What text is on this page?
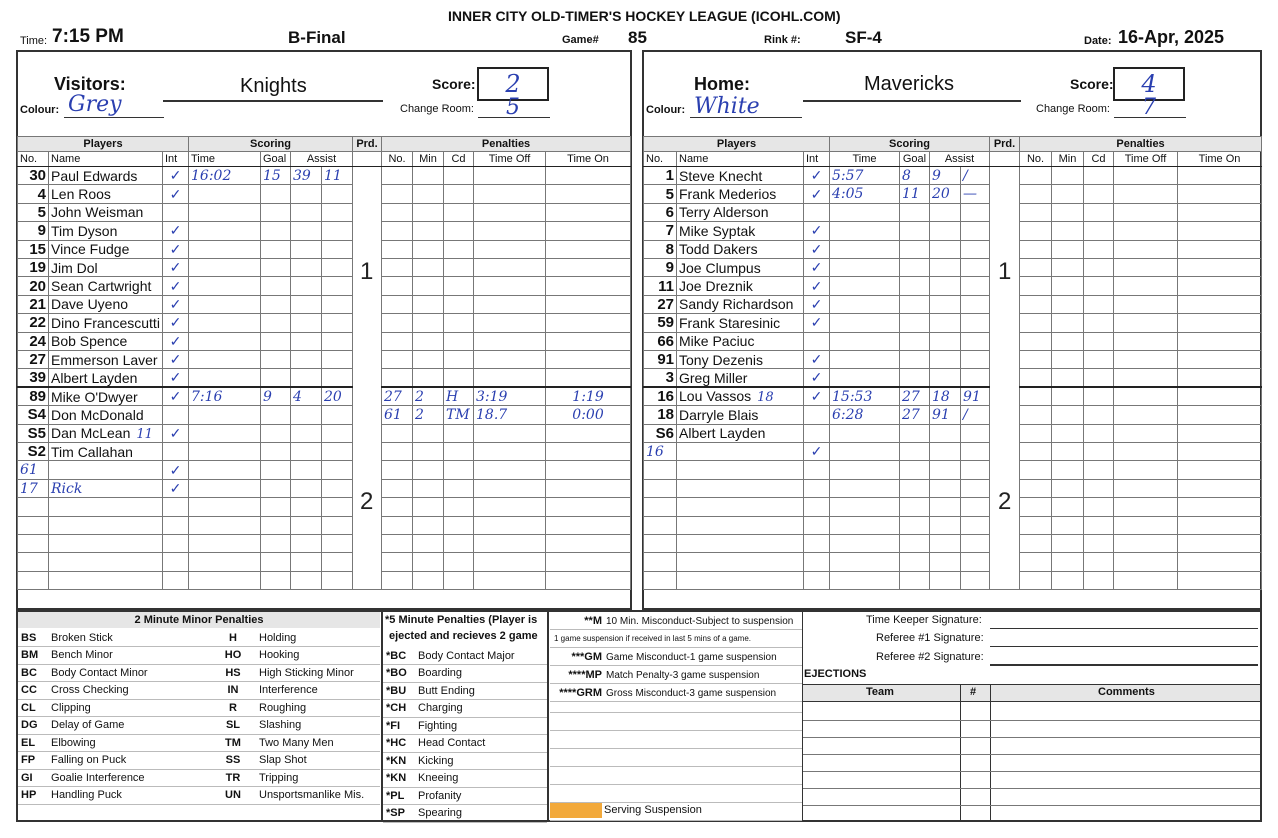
INNER CITY OLD-TIMER'S HOCKEY LEAGUE (ICOHL.COM)
Time: 7:15 PM	B-Final	Game# 85	Rink #:	SF-4	Date: 16-Apr, 2025
Visitors:	Knights	Score:	2
Colour: Grey	Change Room: 5
Players			Scoring				Prd.	Penalties				
No.	Name	Int	Time	Goal	Assist			No.	Min	Cd	Time Off	Time On
30	Paul Edwards	✓	16:02	15	39	11						
4	Len Roos	✓										
5	John Weisman											
9	Tim Dyson	✓										
15	Vince Fudge	✓										
19	Jim Dol	✓										
20	Sean Cartwright	✓										
21	Dave Uyeno	✓										
22	Dino Francescutti	✓										
24	Bob Spence	✓										
27	Emmerson Laver	✓										
39	Albert Layden	✓										
89	Mike O'Dwyer	✓	7:16	9	4	20		27	2	H	3:19	1:19
S4	Don McDonald							61	2	TM	18.7	0:00
S5	Dan McLean 11	✓										
S2	Tim Callahan											
61		✓										
17	Rick	✓										

1
2
Home:	Mavericks	Score:	4
Colour: White	Change Room: 7
Players			Scoring				Prd.	Penalties				
No.	Name	Int	Time	Goal	Assist			No.	Min	Cd	Time Off	Time On
1	Steve Knecht	✓	5:57	8	9	/						
5	Frank Mederios	✓	4:05	11	20	—						
6	Terry Alderson											
7	Mike Syptak	✓										
8	Todd Dakers	✓										
9	Joe Clumpus	✓										
11	Joe Dreznik	✓										
27	Sandy Richardson	✓										
59	Frank Staresinic	✓										
66	Mike Paciuc											
91	Tony Dezenis	✓										
3	Greg Miller	✓										
16	Lou Vassos 18	✓	15:53	27	18	91						
18	Darryle Blais		6:28	27	91	/						
S6	Albert Layden											
16		✓										

1
2
2 Minute Minor Penalties
BS	Broken Stick	H	Holding
BM	Bench Minor	HO	Hooking
BC	Body Contact Minor	HS	High Sticking Minor
CC	Cross Checking	IN	Interference
CL	Clipping	R	Roughing
DG	Delay of Game	SL	Slashing
EL	Elbowing	TM	Two Many Men
FP	Falling on Puck	SS	Slap Shot
GI	Goalie Interference	TR	Tripping
HP	Handling Puck	UN	Unsportsmanlike Mis.
*5 Minute Penalties (Player is
ejected and recieves 2 game
*BC	Body Contact Major
*BO	Boarding
*BU	Butt Ending
*CH	Charging
*FI	Fighting
*HC	Head Contact
*KN	Kicking
*KN	Kneeing
*PL	Profanity
*SP	Spearing
**M 10 Min. Misconduct-Subject to suspension
1 game suspension if received in last 5 mins of a game.
***GM Game Misconduct-1 game suspension
****MP Match Penalty-3 game suspension
****GRM Gross Misconduct-3 game suspension
Serving Suspension
Time Keeper Signature:
Referee #1 Signature:
Referee #2 Signature:
EJECTIONS
Team	#	Comments
